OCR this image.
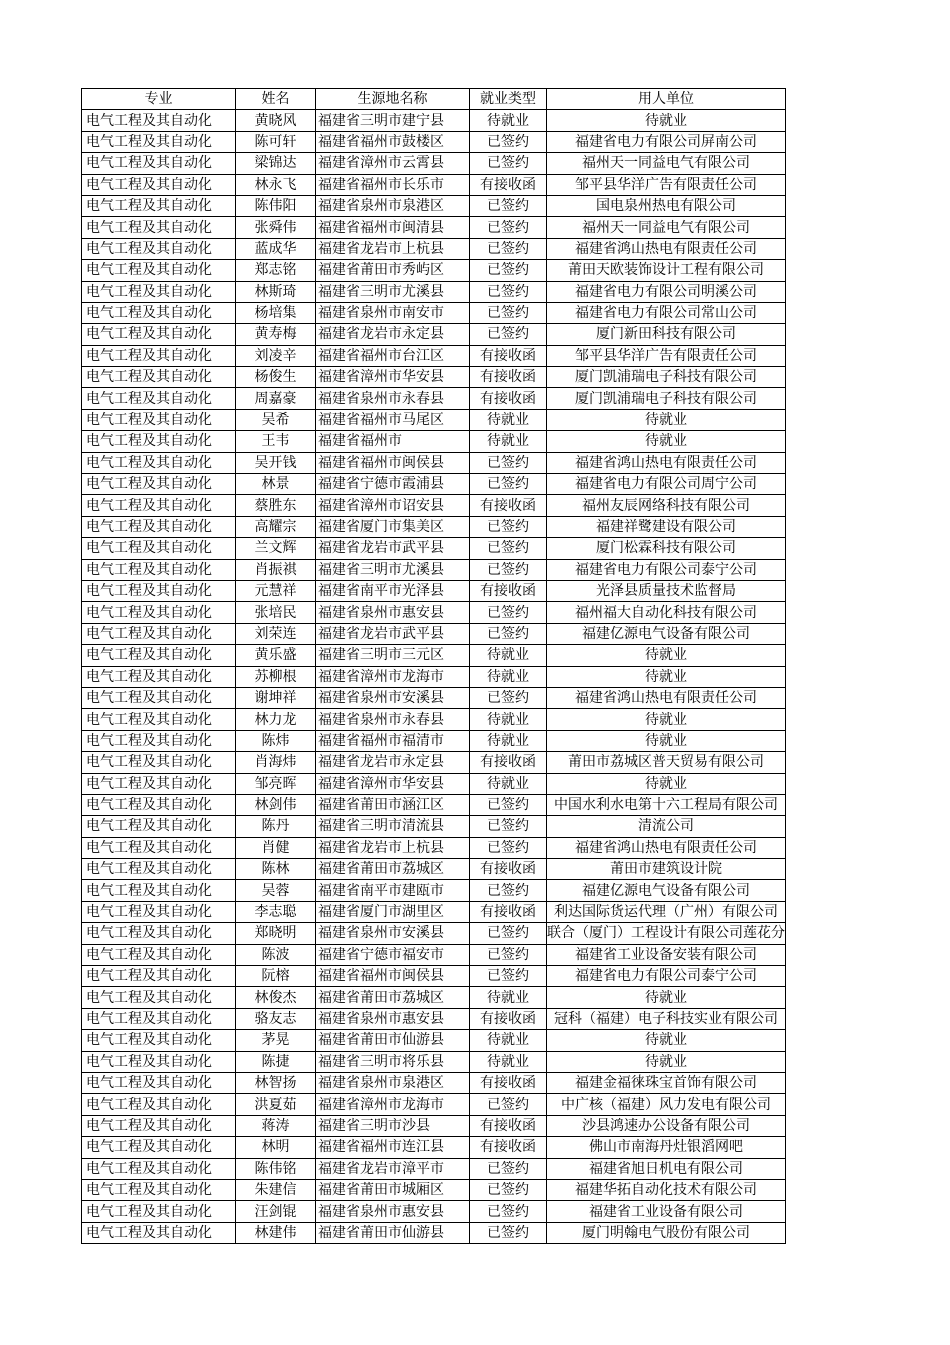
专业	姓名	生源地名称	就业类型	用人单位
电气工程及其自动化	黄晓风	福建省三明市建宁县	待就业	待就业
电气工程及其自动化	陈可轩	福建省福州市鼓楼区	已签约	福建省电力有限公司屏南公司
电气工程及其自动化	梁锦达	福建省漳州市云霄县	已签约	福州天一同益电气有限公司
电气工程及其自动化	林永飞	福建省福州市长乐市	有接收函	邹平县华洋广告有限责任公司
电气工程及其自动化	陈伟阳	福建省泉州市泉港区	已签约	国电泉州热电有限公司
电气工程及其自动化	张舜伟	福建省福州市闽清县	已签约	福州天一同益电气有限公司
电气工程及其自动化	蓝成华	福建省龙岩市上杭县	已签约	福建省鸿山热电有限责任公司
电气工程及其自动化	郑志铭	福建省莆田市秀屿区	已签约	莆田天欧装饰设计工程有限公司
电气工程及其自动化	林斯琦	福建省三明市尤溪县	已签约	福建省电力有限公司明溪公司
电气工程及其自动化	杨培集	福建省泉州市南安市	已签约	福建省电力有限公司常山公司
电气工程及其自动化	黄寿梅	福建省龙岩市永定县	已签约	厦门新田科技有限公司
电气工程及其自动化	刘凌辛	福建省福州市台江区	有接收函	邹平县华洋广告有限责任公司
电气工程及其自动化	杨俊生	福建省漳州市华安县	有接收函	厦门凯浦瑞电子科技有限公司
电气工程及其自动化	周嘉豪	福建省泉州市永春县	有接收函	厦门凯浦瑞电子科技有限公司
电气工程及其自动化	吴希	福建省福州市马尾区	待就业	待就业
电气工程及其自动化	王韦	福建省福州市	待就业	待就业
电气工程及其自动化	吴开钱	福建省福州市闽侯县	已签约	福建省鸿山热电有限责任公司
电气工程及其自动化	林景	福建省宁德市霞浦县	已签约	福建省电力有限公司周宁公司
电气工程及其自动化	蔡胜东	福建省漳州市诏安县	有接收函	福州友辰网络科技有限公司
电气工程及其自动化	高耀宗	福建省厦门市集美区	已签约	福建祥鹭建设有限公司
电气工程及其自动化	兰文辉	福建省龙岩市武平县	已签约	厦门松霖科技有限公司
电气工程及其自动化	肖振祺	福建省三明市尤溪县	已签约	福建省电力有限公司泰宁公司
电气工程及其自动化	元慧祥	福建省南平市光泽县	有接收函	光泽县质量技术监督局
电气工程及其自动化	张培民	福建省泉州市惠安县	已签约	福州福大自动化科技有限公司
电气工程及其自动化	刘荣连	福建省龙岩市武平县	已签约	福建亿源电气设备有限公司
电气工程及其自动化	黄乐盛	福建省三明市三元区	待就业	待就业
电气工程及其自动化	苏柳根	福建省漳州市龙海市	待就业	待就业
电气工程及其自动化	谢坤祥	福建省泉州市安溪县	已签约	福建省鸿山热电有限责任公司
电气工程及其自动化	林力龙	福建省泉州市永春县	待就业	待就业
电气工程及其自动化	陈炜	福建省福州市福清市	待就业	待就业
电气工程及其自动化	肖海炜	福建省龙岩市永定县	有接收函	莆田市荔城区普天贸易有限公司
电气工程及其自动化	邹亮晖	福建省漳州市华安县	待就业	待就业
电气工程及其自动化	林剑伟	福建省莆田市涵江区	已签约	中国水利水电第十六工程局有限公司
电气工程及其自动化	陈丹	福建省三明市清流县	已签约	清流公司
电气工程及其自动化	肖健	福建省龙岩市上杭县	已签约	福建省鸿山热电有限责任公司
电气工程及其自动化	陈林	福建省莆田市荔城区	有接收函	莆田市建筑设计院
电气工程及其自动化	吴蓉	福建省南平市建瓯市	已签约	福建亿源电气设备有限公司
电气工程及其自动化	李志聪	福建省厦门市湖里区	有接收函	利达国际货运代理（广州）有限公司
电气工程及其自动化	郑晓明	福建省泉州市安溪县	已签约	联合（厦门）工程设计有限公司莲花分
电气工程及其自动化	陈波	福建省宁德市福安市	已签约	福建省工业设备安装有限公司
电气工程及其自动化	阮榕	福建省福州市闽侯县	已签约	福建省电力有限公司泰宁公司
电气工程及其自动化	林俊杰	福建省莆田市荔城区	待就业	待就业
电气工程及其自动化	骆友志	福建省泉州市惠安县	有接收函	冠科（福建）电子科技实业有限公司
电气工程及其自动化	茅晃	福建省莆田市仙游县	待就业	待就业
电气工程及其自动化	陈捷	福建省三明市将乐县	待就业	待就业
电气工程及其自动化	林智扬	福建省泉州市泉港区	有接收函	福建金福徕珠宝首饰有限公司
电气工程及其自动化	洪夏茹	福建省漳州市龙海市	已签约	中广核（福建）风力发电有限公司
电气工程及其自动化	蒋涛	福建省三明市沙县	有接收函	沙县鸿速办公设备有限公司
电气工程及其自动化	林明	福建省福州市连江县	有接收函	佛山市南海丹灶银滔网吧
电气工程及其自动化	陈伟铭	福建省龙岩市漳平市	已签约	福建省旭日机电有限公司
电气工程及其自动化	朱建信	福建省莆田市城厢区	已签约	福建华拓自动化技术有限公司
电气工程及其自动化	汪剑锟	福建省泉州市惠安县	已签约	福建省工业设备有限公司
电气工程及其自动化	林建伟	福建省莆田市仙游县	已签约	厦门明翰电气股份有限公司
